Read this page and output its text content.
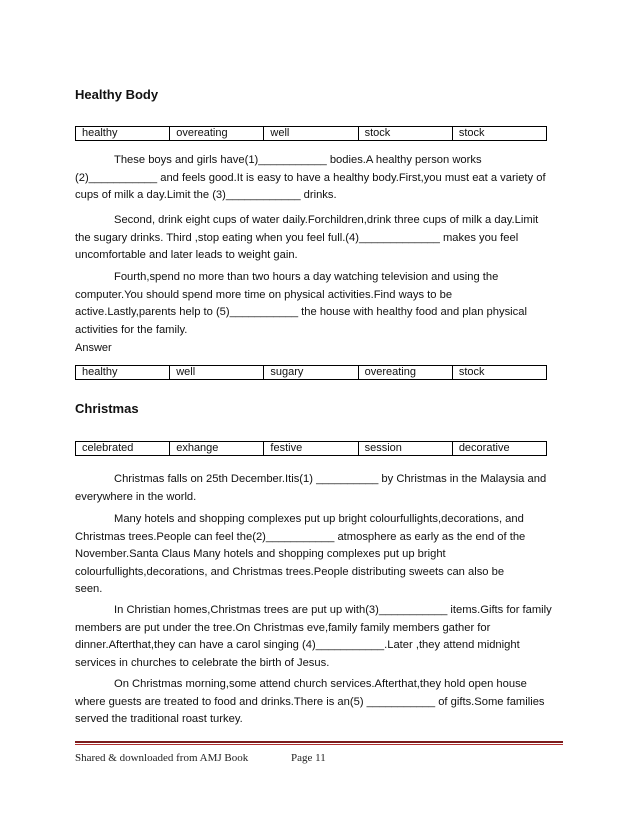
Healthy Body
healthy	overeating	well	stock	stock
These boys and girls have(1)___________ bodies.A healthy person works
(2)___________ and feels good.It is easy to have a healthy body.First,you must eat a variety of
cups of milk a day.Limit the (3)____________ drinks.
Second, drink eight cups of water daily.Forchildren,drink three cups of milk a day.Limit
the sugary drinks. Third ,stop eating when you feel full.(4)_____________ makes you feel
uncomfortable and later leads to weight gain.
Fourth,spend no more than two hours a day watching television and using the
computer.You should spend more time on physical activities.Find ways to be
active.Lastly,parents help to (5)___________ the house with healthy food and plan physical
activities for the family.
Answer
healthy	well	sugary	overeating	stock
Christmas
celebrated	exhange	festive	session	decorative
Christmas falls on 25th December.Itis(1) __________ by Christmas in the Malaysia and
everywhere in the world.
Many hotels and shopping complexes put up bright colourfullights,decorations, and
Christmas trees.People can feel the(2)___________ atmosphere as early as the end of the
November.Santa Claus Many hotels and shopping complexes put up bright
colourfullights,decorations, and Christmas trees.People distributing sweets can also be
seen.
In Christian homes,Christmas trees are put up with(3)___________ items.Gifts for family
members are put under the tree.On Christmas eve,family family members gather for
dinner.Afterthat,they can have a carol singing (4)___________.Later ,they attend midnight
services in churches to celebrate the birth of Jesus.
On Christmas morning,some attend church services.Afterthat,they hold open house
where guests are treated to food and drinks.There is an(5) ___________ of gifts.Some families
served the traditional roast turkey.
Shared & downloaded from AMJ Book	Page 11
